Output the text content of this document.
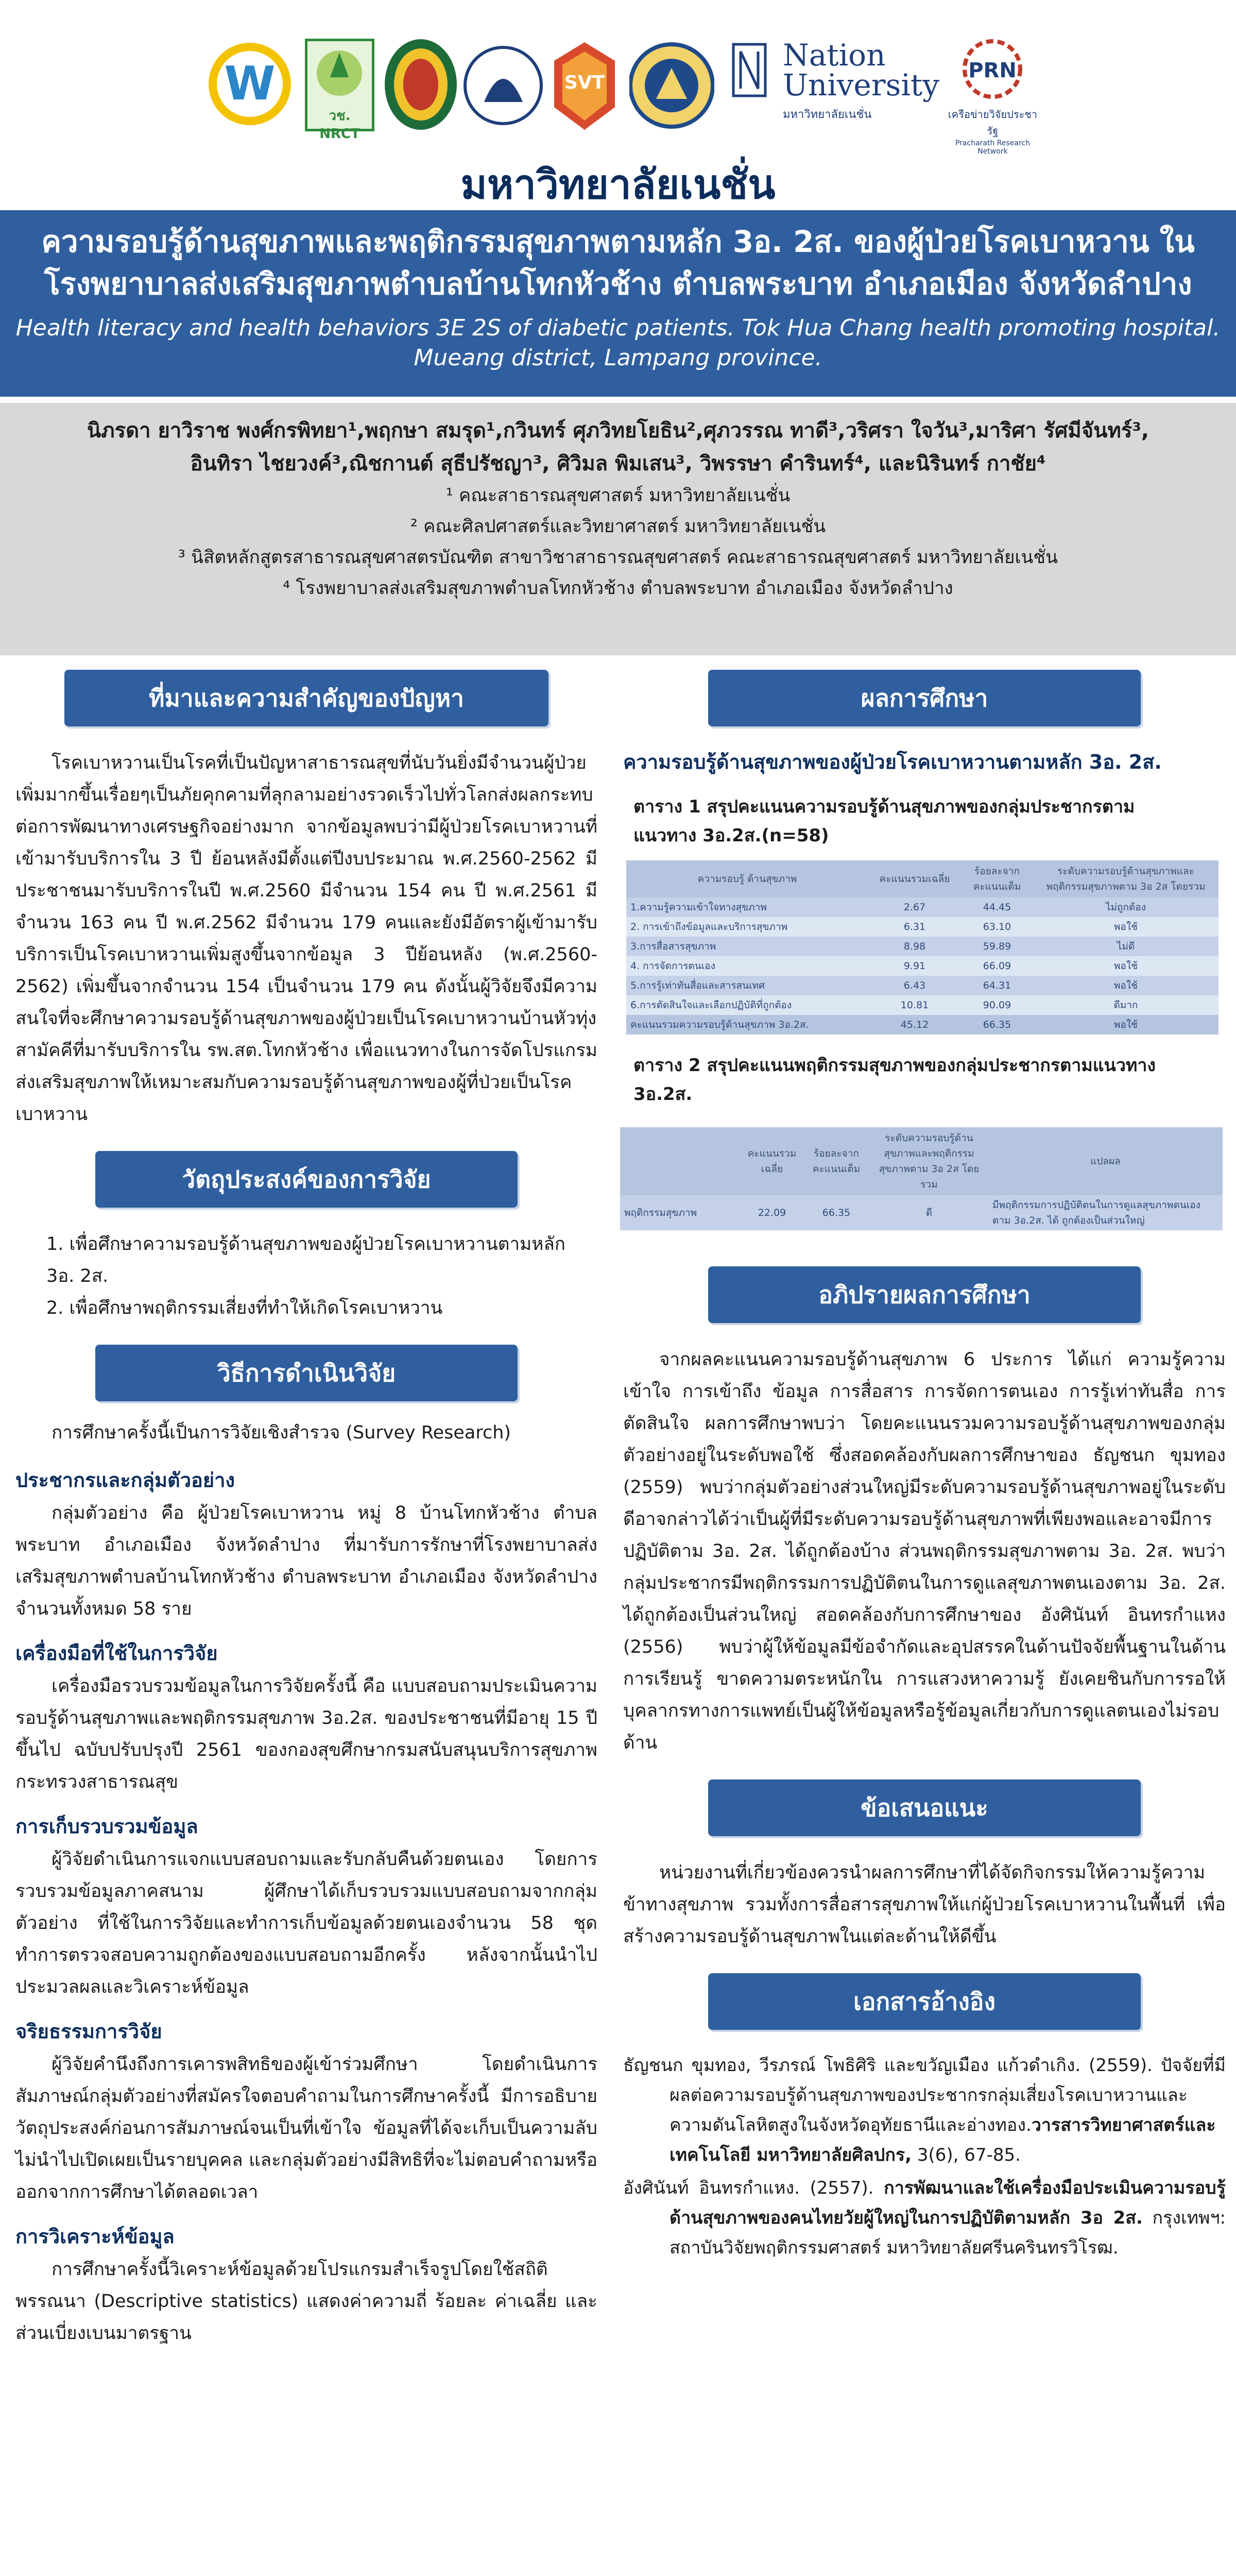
W
วช. NRCT
SVT
Nation
University
มหาวิทยาลัยเนชั่น
PRN
เครือข่ายวิจัยประชารัฐ
Pracharath Research Network
มหาวิทยาลัยเนชั่น
ความรอบรู้ด้านสุขภาพและพฤติกรรมสุขภาพตามหลัก 3อ. 2ส. ของผู้ป่วยโรคเบาหวาน ใน
โรงพยาบาลส่งเสริมสุขภาพตำบลบ้านโทกหัวช้าง ตำบลพระบาท อำเภอเมือง จังหวัดลำปาง
Health literacy and health behaviors 3E 2S of diabetic patients. Tok Hua Chang health promoting hospital.
Mueang district, Lampang province.
นิภรดา ยาวิราช พงศ์กรพิทยา¹,พฤกษา สมรุด¹,กวินทร์ ศุภวิทยโยธิน²,ศุภวรรณ ทาดี³,วริศรา ใจวัน³,มาริศา รัศมีจันทร์³,
อินทิรา ไชยวงค์³,ณิชกานต์ สุธีปรัชญา³, ศิวิมล พิมเสน³, วิพรรษา คำรินทร์⁴, และนิรินทร์ กาชัย⁴
¹ คณะสาธารณสุขศาสตร์ มหาวิทยาลัยเนชั่น
² คณะศิลปศาสตร์และวิทยาศาสตร์ มหาวิทยาลัยเนชั่น
³ นิสิตหลักสูตรสาธารณสุขศาสตรบัณฑิต สาขาวิชาสาธารณสุขศาสตร์ คณะสาธารณสุขศาสตร์ มหาวิทยาลัยเนชั่น
⁴ โรงพยาบาลส่งเสริมสุขภาพตำบลโทกหัวช้าง ตำบลพระบาท อำเภอเมือง จังหวัดลำปาง
ที่มาและความสำคัญของปัญหา

โรคเบาหวานเป็นโรคที่เป็นปัญหาสาธารณสุขที่นับวันยิ่งมีจำนวนผู้ป่วยเพิ่มมากขึ้นเรื่อยๆเป็นภัยคุกคามที่ลุกลามอย่างรวดเร็วไปทั่วโลกส่งผลกระทบต่อการพัฒนาทางเศรษฐกิจอย่างมาก จากข้อมูลพบว่ามีผู้ป่วยโรคเบาหวานที่เข้ามารับบริการใน 3 ปี ย้อนหลังมีตั้งแต่ปีงบประมาณ พ.ศ.2560-2562 มีประชาชนมารับบริการในปี พ.ศ.2560 มีจำนวน 154 คน ปี พ.ศ.2561 มีจำนวน 163 คน ปี พ.ศ.2562 มีจำนวน 179 คนและยังมีอัตราผู้เข้ามารับบริการเป็นโรคเบาหวานเพิ่มสูงขึ้นจากข้อมูล 3 ปีย้อนหลัง (พ.ศ.2560-2562) เพิ่มขึ้นจากจำนวน 154 เป็นจำนวน 179 คน ดังนั้นผู้วิจัยจึงมีความสนใจที่จะศึกษาความรอบรู้ด้านสุขภาพของผู้ป่วยเป็นโรคเบาหวานบ้านหัวทุ่งสามัคคีที่มารับบริการใน รพ.สต.โทกหัวช้าง เพื่อแนวทางในการจัดโปรแกรมส่งเสริมสุขภาพให้เหมาะสมกับความรอบรู้ด้านสุขภาพของผู้ที่ป่วยเป็นโรคเบาหวาน

วัตถุประสงค์ของการวิจัย
1. เพื่อศึกษาความรอบรู้ด้านสุขภาพของผู้ป่วยโรคเบาหวานตามหลัก 3อ. 2ส.
2. เพื่อศึกษาพฤติกรรมเสี่ยงที่ทำให้เกิดโรคเบาหวาน
วิธีการดำเนินวิจัย

การศึกษาครั้งนี้เป็นการวิจัยเชิงสำรวจ (Survey Research)

ประชากรและกลุ่มตัวอย่าง

กลุ่มตัวอย่าง คือ ผู้ป่วยโรคเบาหวาน หมู่ 8 บ้านโทกหัวช้าง ตำบลพระบาท อำเภอเมือง จังหวัดลำปาง ที่มารับการรักษาที่โรงพยาบาลส่งเสริมสุขภาพตำบลบ้านโทกหัวช้าง ตำบลพระบาท อำเภอเมือง จังหวัดลำปาง จำนวนทั้งหมด 58 ราย

เครื่องมือที่ใช้ในการวิจัย

เครื่องมือรวบรวมข้อมูลในการวิจัยครั้งนี้ คือ แบบสอบถามประเมินความรอบรู้ด้านสุขภาพและพฤติกรรมสุขภาพ 3อ.2ส. ของประชาชนที่มีอายุ 15 ปีขึ้นไป ฉบับปรับปรุงปี 2561 ของกองสุขศึกษากรมสนับสนุนบริการสุขภาพกระทรวงสาธารณสุข

การเก็บรวบรวมข้อมูล

ผู้วิจัยดำเนินการแจกแบบสอบถามและรับกลับคืนด้วยตนเอง โดยการรวบรวมข้อมูลภาคสนาม ผู้ศึกษาได้เก็บรวบรวมแบบสอบถามจากกลุ่มตัวอย่าง ที่ใช้ในการวิจัยและทำการเก็บข้อมูลด้วยตนเองจำนวน 58 ชุด ทำการตรวจสอบความถูกต้องของแบบสอบถามอีกครั้ง หลังจากนั้นนำไปประมวลผลและวิเคราะห์ข้อมูล

จริยธรรมการวิจัย

ผู้วิจัยคำนึงถึงการเคารพสิทธิของผู้เข้าร่วมศึกษา โดยดำเนินการสัมภาษณ์กลุ่มตัวอย่างที่สมัครใจตอบคำถามในการศึกษาครั้งนี้ มีการอธิบายวัตถุประสงค์ก่อนการสัมภาษณ์จนเป็นที่เข้าใจ ข้อมูลที่ได้จะเก็บเป็นความลับ ไม่นำไปเปิดเผยเป็นรายบุคคล และกลุ่มตัวอย่างมีสิทธิที่จะไม่ตอบคำถามหรือออกจากการศึกษาได้ตลอดเวลา

การวิเคราะห์ข้อมูล

การศึกษาครั้งนี้วิเคราะห์ข้อมูลด้วยโปรแกรมสำเร็จรูปโดยใช้สถิติพรรณนา (Descriptive statistics) แสดงค่าความถี่ ร้อยละ ค่าเฉลี่ย และส่วนเบี่ยงเบนมาตรฐาน

ผลการศึกษา

ความรอบรู้ด้านสุขภาพของผู้ป่วยโรคเบาหวานตามหลัก 3อ. 2ส.

ตาราง 1 สรุปคะแนนความรอบรู้ด้านสุขภาพของกลุ่มประชากรตาม

แนวทาง 3อ.2ส.(n=58)

ความรอบรู้ ด้านสุขภาพ	คะแนนรวมเฉลี่ย	ร้อยละจาก คะแนนเต็ม	ระดับความรอบรู้ด้านสุขภาพและพฤติกรรมสุขภาพตาม 3อ 2ส โดยรวม
1.ความรู้ความเข้าใจทางสุขภาพ	2.67	44.45	ไม่ถูกต้อง
2. การเข้าถึงข้อมูลและบริการสุขภาพ	6.31	63.10	พอใช้
3.การสื่อสารสุขภาพ	8.98	59.89	ไม่ดี
4. การจัดการตนเอง	9.91	66.09	พอใช้
5.การรู้เท่าทันสื่อและสารสนเทศ	6.43	64.31	พอใช้
6.การตัดสินใจและเลือกปฏิบัติที่ถูกต้อง	10.81	90.09	ดีมาก
คะแนนรวมความรอบรู้ด้านสุขภาพ 3อ.2ส.	45.12	66.35	พอใช้

ตาราง 2 สรุปคะแนนพฤติกรรมสุขภาพของกลุ่มประชากรตามแนวทาง

3อ.2ส.

	คะแนนรวม เฉลี่ย	ร้อยละจาก คะแนนเต็ม	ระดับความรอบรู้ด้านสุขภาพและพฤติกรรมสุขภาพตาม 3อ 2ส โดยรวม	แปลผล
พฤติกรรมสุขภาพ	22.09	66.35	ดี	มีพฤติกรรมการปฏิบัติตนในการดูแลสุขภาพตนเองตาม 3อ.2ส. ได้ ถูกต้องเป็นส่วนใหญ่
อภิปรายผลการศึกษา

จากผลคะแนนความรอบรู้ด้านสุขภาพ 6 ประการ ได้แก่ ความรู้ความเข้าใจ การเข้าถึง ข้อมูล การสื่อสาร การจัดการตนเอง การรู้เท่าทันสื่อ การตัดสินใจ ผลการศึกษาพบว่า โดยคะแนนรวมความรอบรู้ด้านสุขภาพของกลุ่มตัวอย่างอยู่ในระดับพอใช้ ซึ่งสอดคล้องกับผลการศึกษาของ ธัญชนก ขุมทอง (2559) พบว่ากลุ่มตัวอย่างส่วนใหญ่มีระดับความรอบรู้ด้านสุขภาพอยู่ในระดับดีอาจกล่าวได้ว่าเป็นผู้ที่มีระดับความรอบรู้ด้านสุขภาพที่เพียงพอและอาจมีการปฏิบัติตาม 3อ. 2ส. ได้ถูกต้องบ้าง ส่วนพฤติกรรมสุขภาพตาม 3อ. 2ส. พบว่า กลุ่มประชากรมีพฤติกรรมการปฏิบัติตนในการดูแลสุขภาพตนเองตาม 3อ. 2ส. ได้ถูกต้องเป็นส่วนใหญ่ สอดคล้องกับการศึกษาของ อังศินันท์ อินทรกำแหง (2556) พบว่าผู้ให้ข้อมูลมีข้อจำกัดและอุปสรรคในด้านปัจจัยพื้นฐานในด้านการเรียนรู้ ขาดความตระหนักใน การแสวงหาความรู้ ยังเคยชินกับการรอให้บุคลากรทางการแพทย์เป็นผู้ให้ข้อมูลหรือรู้ข้อมูลเกี่ยวกับการดูแลตนเองไม่รอบด้าน

ข้อเสนอแนะ

หน่วยงานที่เกี่ยวข้องควรนำผลการศึกษาที่ได้จัดกิจกรรมให้ความรู้ความข้าทางสุขภาพ รวมทั้งการสื่อสารสุขภาพให้แก่ผู้ป่วยโรคเบาหวานในพื้นที่ เพื่อสร้างความรอบรู้ด้านสุขภาพในแต่ละด้านให้ดีขึ้น

เอกสารอ้างอิง

ธัญชนก ขุมทอง, วีรภรณ์ โพธิศิริ และขวัญเมือง แก้วดำเกิง. (2559). ปัจจัยที่มีผลต่อความรอบรู้ด้านสุขภาพของประชากรกลุ่มเสี่ยงโรคเบาหวานและความดันโลหิตสูงในจังหวัดอุทัยธานีและอ่างทอง.วารสารวิทยาศาสตร์และเทคโนโลยี มหาวิทยาลัยศิลปกร, 3(6), 67-85.

อังศินันท์ อินทรกำแหง. (2557). การพัฒนาและใช้เครื่องมือประเมินความรอบรู้ด้านสุขภาพของคนไทยวัยผู้ใหญ่ในการปฏิบัติตามหลัก 3อ 2ส. กรุงเทพฯ: สถาบันวิจัยพฤติกรรมศาสตร์ มหาวิทยาลัยศรีนครินทรวิโรฒ.
